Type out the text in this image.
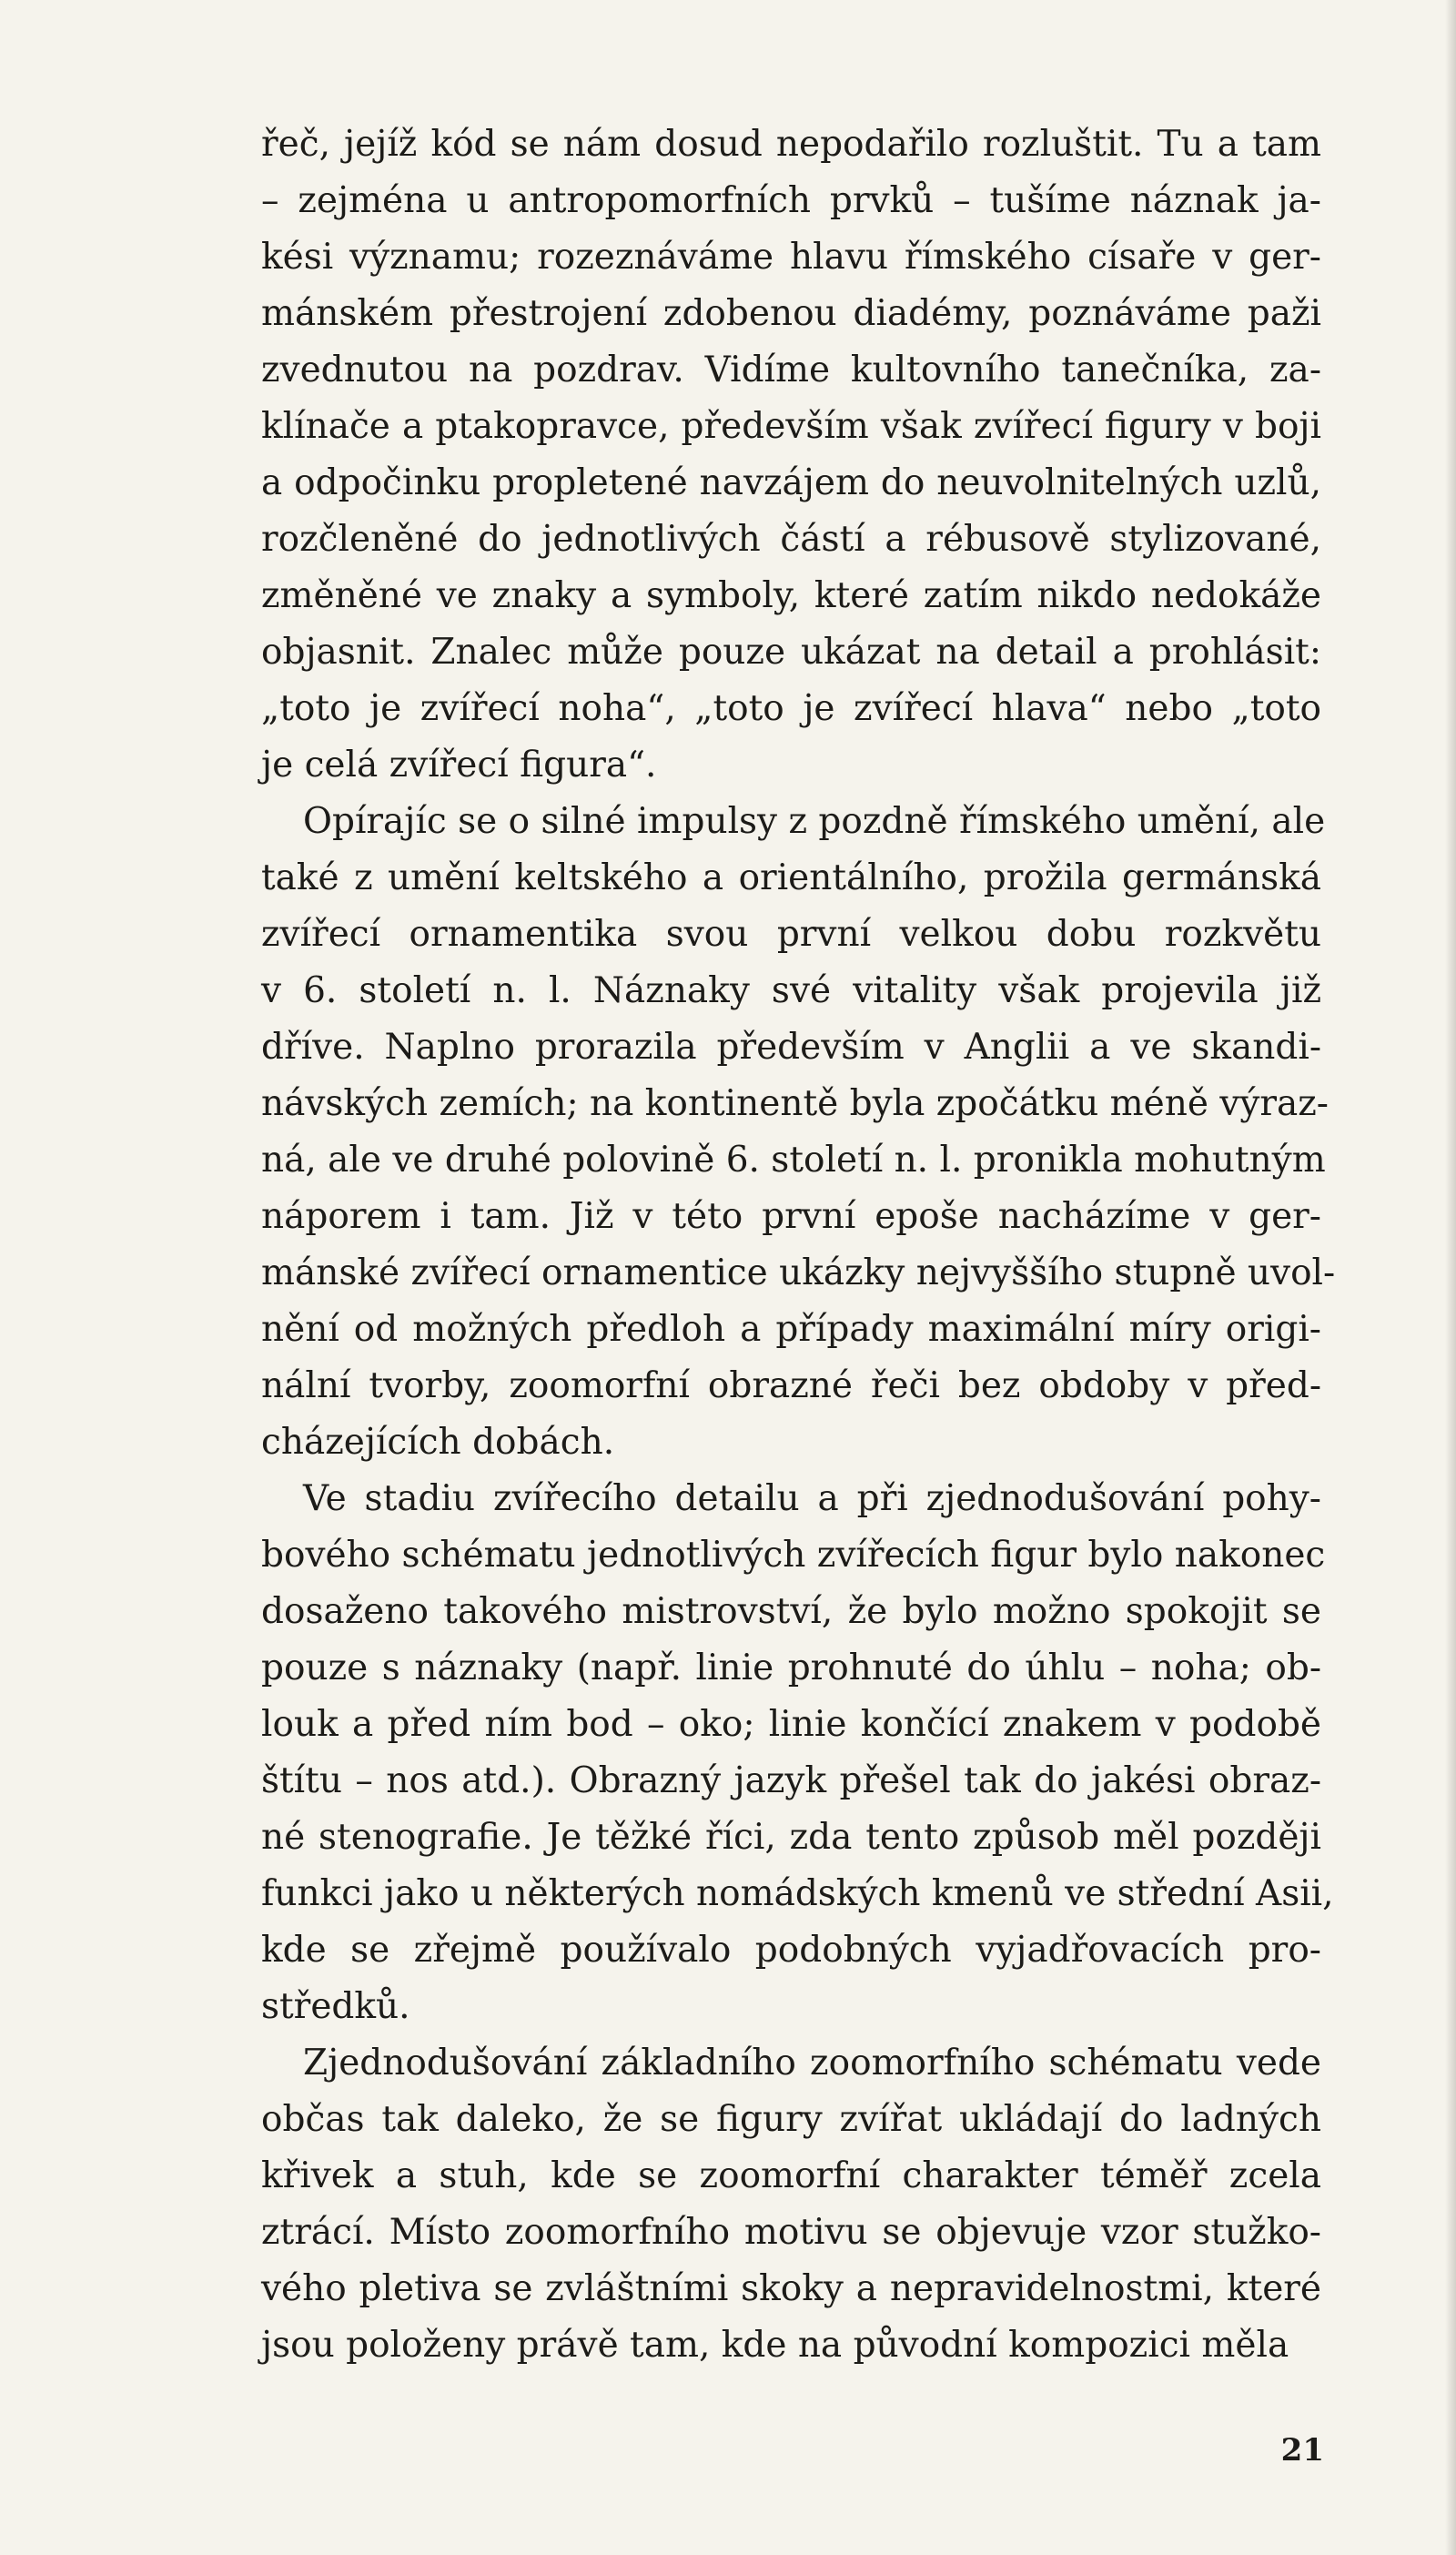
řeč, jejíž kód se nám dosud nepodařilo rozluštit. Tu a tam
– zejména u antropomorfních prvků – tušíme náznak ja-
kési významu; rozeznáváme hlavu římského císaře v ger-
mánském přestrojení zdobenou diadémy, poznáváme paži
zvednutou na pozdrav. Vidíme kultovního tanečníka, za-
klínače a ptakopravce, především však zvířecí figury v boji
a odpočinku propletené navzájem do neuvolnitelných uzlů,
rozčleněné do jednotlivých částí a rébusově stylizované,
změněné ve znaky a symboly, které zatím nikdo nedokáže
objasnit. Znalec může pouze ukázat na detail a prohlásit:
„toto je zvířecí noha“, „toto je zvířecí hlava“ nebo „toto
je celá zvířecí figura“.
Opírajíc se o silné impulsy z pozdně římského umění, ale
také z umění keltského a orientálního, prožila germánská
zvířecí ornamentika svou první velkou dobu rozkvětu
v 6. století n. l. Náznaky své vitality však projevila již
dříve. Naplno prorazila především v Anglii a ve skandi-
návských zemích; na kontinentě byla zpočátku méně výraz-
ná, ale ve druhé polovině 6. století n. l. pronikla mohutným
náporem i tam. Již v této první epoše nacházíme v ger-
mánské zvířecí ornamentice ukázky nejvyššího stupně uvol-
nění od možných předloh a případy maximální míry origi-
nální tvorby, zoomorfní obrazné řeči bez obdoby v před-
cházejících dobách.
Ve stadiu zvířecího detailu a při zjednodušování pohy-
bového schématu jednotlivých zvířecích figur bylo nakonec
dosaženo takového mistrovství, že bylo možno spokojit se
pouze s náznaky (např. linie prohnuté do úhlu – noha; ob-
louk a před ním bod – oko; linie končící znakem v podobě
štítu – nos atd.). Obrazný jazyk přešel tak do jakési obraz-
né stenografie. Je těžké říci, zda tento způsob měl později
funkci jako u některých nomádských kmenů ve střední Asii,
kde se zřejmě používalo podobných vyjadřovacích pro-
středků.
Zjednodušování základního zoomorfního schématu vede
občas tak daleko, že se figury zvířat ukládají do ladných
křivek a stuh, kde se zoomorfní charakter téměř zcela
ztrácí. Místo zoomorfního motivu se objevuje vzor stužko-
vého pletiva se zvláštními skoky a nepravidelnostmi, které
jsou položeny právě tam, kde na původní kompozici měla
21
